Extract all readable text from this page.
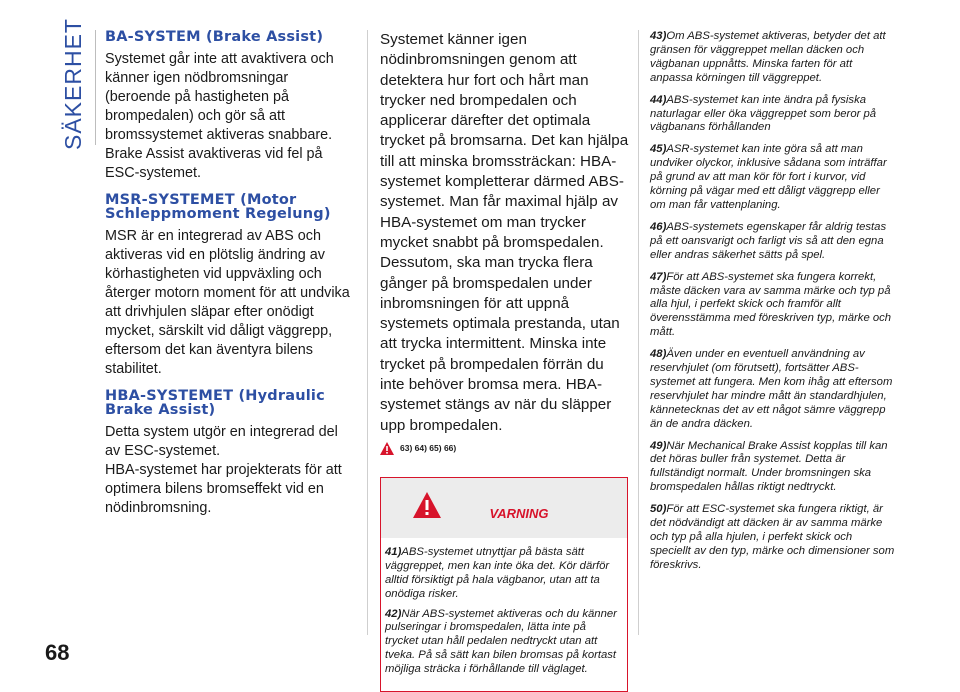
SÄKERHET
68
BA-SYSTEM (Brake Assist)

Systemet går inte att avaktivera och känner igen nödbromsningar (beroende på hastigheten på brompedalen) och gör så att bromssystemet aktiveras snabbare. Brake Assist avaktiveras vid fel på ESC-systemet.

MSR-SYSTEMET (Motor Schleppmoment Regelung)

MSR är en integrerad av ABS och aktiveras vid en plötslig ändring av körhastigheten vid uppväxling och återger motorn moment för att undvika att drivhjulen släpar efter onödigt mycket, särskilt vid dåligt väggrepp, eftersom det kan äventyra bilens stabilitet.

HBA-SYSTEMET (Hydraulic Brake Assist)

Detta system utgör en integrerad del av ESC-systemet.
HBA-systemet har projekterats för att optimera bilens bromseffekt vid en nödinbromsning.

Systemet känner igen nödinbromsningen genom att detektera hur fort och hårt man trycker ned brompedalen och applicerar därefter det optimala trycket på bromsarna. Det kan hjälpa till att minska bromssträckan: HBA-systemet kompletterar därmed ABS-systemet. Man får maximal hjälp av HBA-systemet om man trycker mycket snabbt på bromspedalen. Dessutom, ska man trycka flera gånger på bromspedalen under inbromsningen för att uppnå systemets optimala prestanda, utan att trycka intermittent. Minska inte trycket på brompedalen förrän du inte behöver bromsa mera. HBA-systemet stängs av när du släpper upp brompedalen.

63) 64) 65) 66)
VARNING

41)ABS-systemet utnyttjar på bästa sätt väggreppet, men kan inte öka det. Kör därför alltid försiktigt på hala vägbanor, utan att ta onödiga risker.

42)När ABS-systemet aktiveras och du känner pulseringar i bromspedalen, lätta inte på trycket utan håll pedalen nedtryckt utan att tveka. På så sätt kan bilen bromsas på kortast möjliga sträcka i förhållande till väglaget.

43)Om ABS-systemet aktiveras, betyder det att gränsen för väggreppet mellan däcken och vägbanan uppnåtts. Minska farten för att anpassa körningen till väggreppet.

44)ABS-systemet kan inte ändra på fysiska naturlagar eller öka väggreppet som beror på vägbanans förhållanden

45)ASR-systemet kan inte göra så att man undviker olyckor, inklusive sådana som inträffar på grund av att man kör för fort i kurvor, vid körning på vägar med ett dåligt väggrepp eller om man får vattenplaning.

46)ABS-systemets egenskaper får aldrig testas på ett oansvarigt och farligt vis så att den egna eller andras säkerhet sätts på spel.

47)För att ABS-systemet ska fungera korrekt, måste däcken vara av samma märke och typ på alla hjul, i perfekt skick och framför allt överensstämma med föreskriven typ, märke och mått.

48)Även under en eventuell användning av reservhjulet (om förutsett), fortsätter ABS-systemet att fungera. Men kom ihåg att eftersom reservhjulet har mindre mått än standardhjulen, kännetecknas det av ett något sämre väggrepp än de andra däcken.

49)När Mechanical Brake Assist kopplas till kan det höras buller från systemet. Detta är fullständigt normalt. Under bromsningen ska bromspedalen hållas riktigt nedtryckt.

50)För att ESC-systemet ska fungera riktigt, är det nödvändigt att däcken är av samma märke och typ på alla hjulen, i perfekt skick och speciellt av den typ, märke och dimensioner som föreskrivs.
